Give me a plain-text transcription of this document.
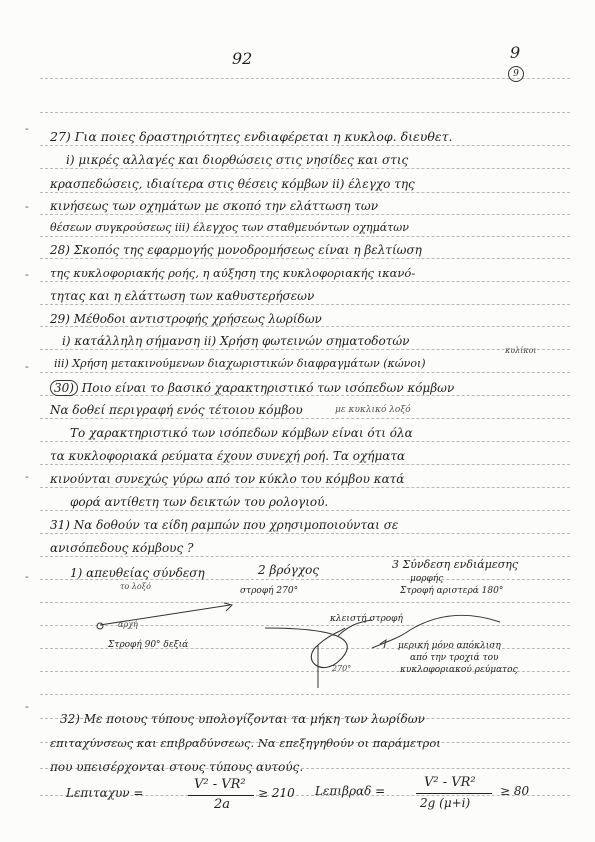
-
-
-
-
-
-
-
92	9
9
27) Για ποιες δραστηριότητες ενδιαφέρεται η κυκλοφ. διευθετ.
i) μικρές αλλαγές και διορθώσεις στις νησίδες και στις
κρασπεδώσεις, ιδιαίτερα στις θέσεις κόμβων ii) έλεγχο της
κινήσεως των οχημάτων με σκοπό την ελάττωση των
θέσεων συγκρούσεως iii) έλεγχος των σταθμευόντων οχημάτων
28) Σκοπός της εφαρμογής μονοδρομήσεως είναι η βελτίωση
της κυκλοφοριακής ροής, η αύξηση της κυκλοφοριακής ικανό-
τητας και η ελάττωση των καθυστερήσεων
29) Μέθοδοι αντιστροφής χρήσεως λωρίδων
i) κατάλληλη σήμανση ii) Χρήση φωτεινών σηματοδοτών
iii) Χρήση μετακινούμενων διαχωριστικών διαφραγμάτων (κώνοι)
κυλίκοι
30) Ποιο είναι το βασικό χαρακτηριστικό των ισόπεδων κόμβων
Να δοθεί περιγραφή ενός τέτοιου κόμβου	με κυκλικό λοξό
Το χαρακτηριστικό των ισόπεδων κόμβων είναι ότι όλα
τα κυκλοφοριακά ρεύματα έχουν συνεχή ροή. Τα οχήματα
κινούνται συνεχώς γύρω από τον κύκλο του κόμβου κατά
φορά αντίθετη των δεικτών του ρολογιού.
31) Να δοθούν τα είδη ραμπών που χρησιμοποιούνται σε
ανισόπεδους κόμβους ?
1) απευθείας σύνδεση
το λοξό
2 βρόγχος
στροφή 270°
3 Σύνδεση ενδιάμεσης
μορφής
Στροφή αριστερά 180°
κλειστή στροφή
αρχή
Στροφή 90° δεξιά
270°
μερική μόνο απόκλιση
από την τροχιά του
κυκλοφοριακού ρεύματος
32) Με ποιους τύπους υπολογίζονται τα μήκη των λωρίδων
επιταχύνσεως και επιβραδύνσεως. Να επεξηγηθούν οι παράμετροι
που υπεισέρχονται στους τύπους αυτούς.
Lεπιταχυν =
V² - VR²
2a
≥ 210 Lεπιβραδ =
V² - VR²
2g (μ+i)
≥ 80
